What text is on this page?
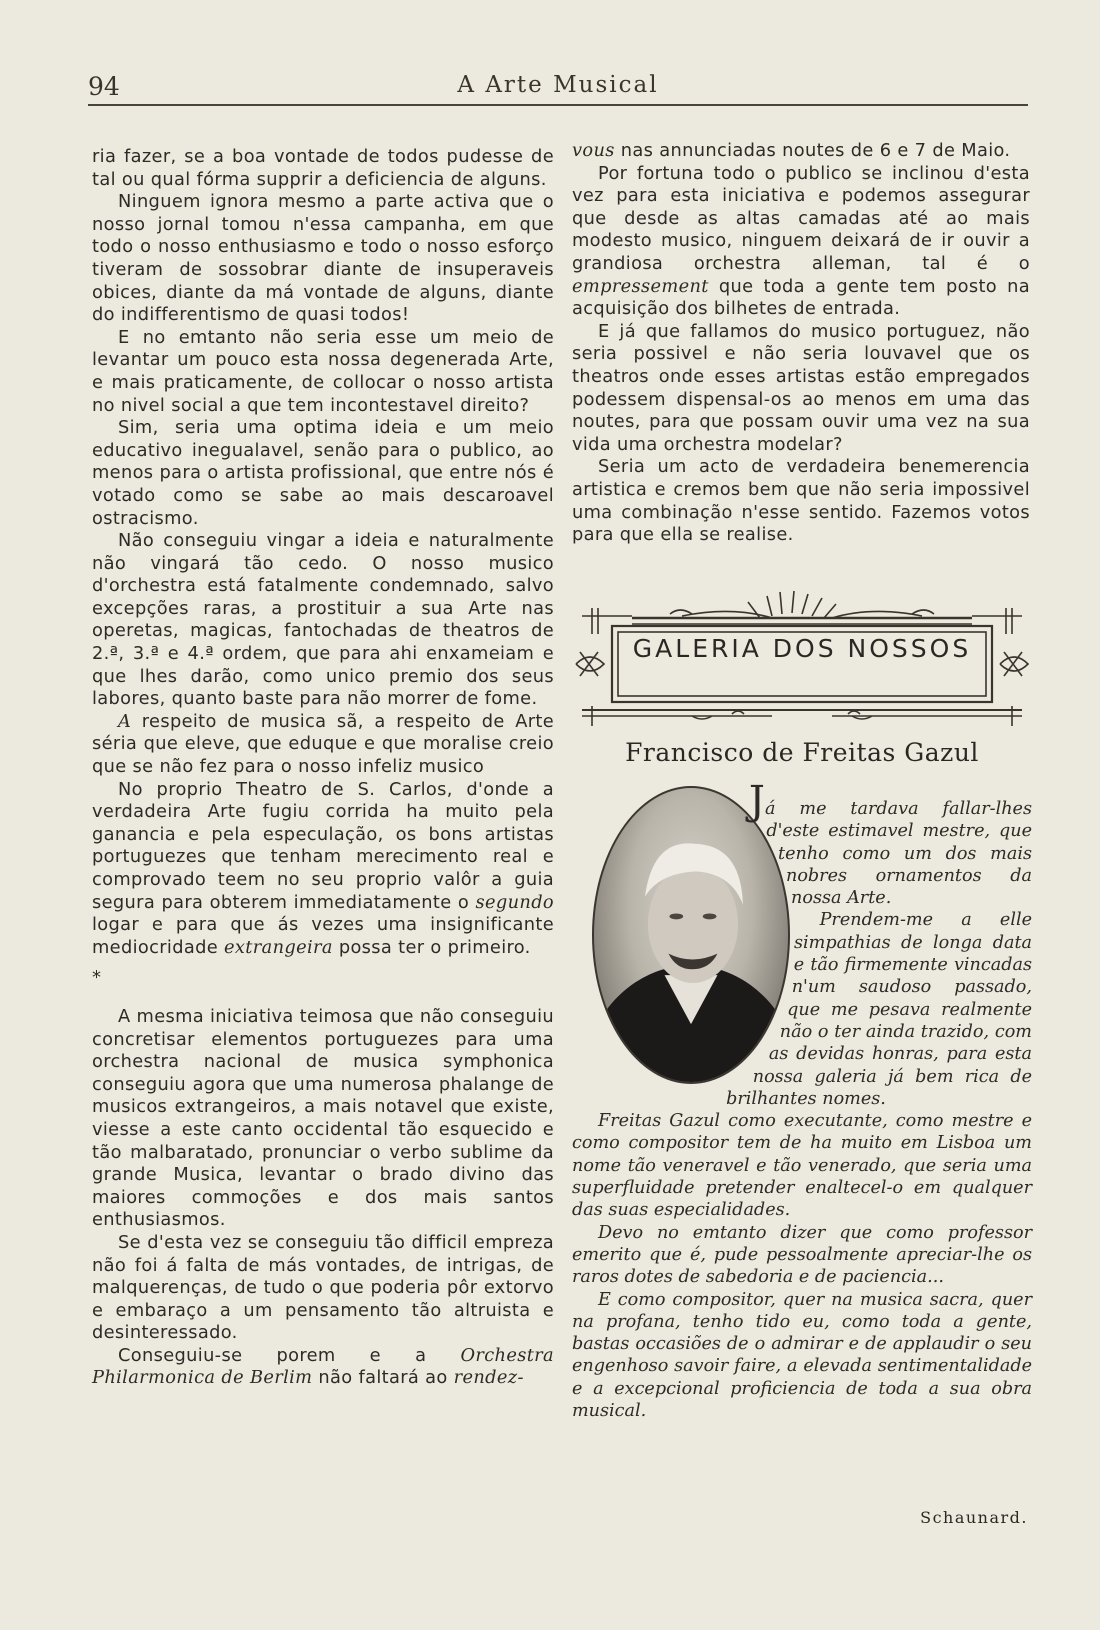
94	A Arte Musical

ria fazer, se a boa vontade de todos pudesse de tal ou qual fórma supprir a deficiencia de alguns.

Ninguem ignora mesmo a parte activa que o nosso jornal tomou n'essa campanha, em que todo o nosso enthusiasmo e todo o nosso esforço tiveram de sossobrar diante de insuperaveis obices, diante da má vontade de alguns, diante do indifferentismo de quasi todos!

E no emtanto não seria esse um meio de levantar um pouco esta nossa degenerada Arte, e mais praticamente, de collocar o nosso artista no nivel social a que tem incontestavel direito?

Sim, seria uma optima ideia e um meio educativo inegualavel, senão para o publico, ao menos para o artista profissional, que entre nós é votado como se sabe ao mais descaroavel ostracismo.

Não conseguiu vingar a ideia e naturalmente não vingará tão cedo. O nosso musico d'orchestra está fatalmente condemnado, salvo excepções raras, a prostituir a sua Arte nas operetas, magicas, fantochadas de theatros de 2.ª, 3.ª e 4.ª ordem, que para ahi enxameiam e que lhes darão, como unico premio dos seus labores, quanto baste para não morrer de fome.

A respeito de musica sã, a respeito de Arte séria que eleve, que eduque e que moralise creio que se não fez para o nosso infeliz musico

No proprio Theatro de S. Carlos, d'onde a verdadeira Arte fugiu corrida ha muito pela ganancia e pela especulação, os bons artistas portuguezes que tenham merecimento real e comprovado teem no seu proprio valôr a guia segura para obterem immediatamente o segundo logar e para que ás vezes uma insignificante mediocridade extrangeira possa ter o primeiro.

*

A mesma iniciativa teimosa que não conseguiu concretisar elementos portuguezes para uma orchestra nacional de musica symphonica conseguiu agora que uma numerosa phalange de musicos extrangeiros, a mais notavel que existe, viesse a este canto occidental tão esquecido e tão malbaratado, pronunciar o verbo sublime da grande Musica, levantar o brado divino das maiores commoções e dos mais santos enthusiasmos.

Se d'esta vez se conseguiu tão difficil empreza não foi á falta de más vontades, de intrigas, de malquerenças, de tudo o que poderia pôr extorvo e embaraço a um pensamento tão altruista e desinteressado.

Conseguiu-se porem e a Orchestra Philarmonica de Berlim não faltará ao rendez-

vous nas annunciadas noutes de 6 e 7 de Maio.

Por fortuna todo o publico se inclinou d'esta vez para esta iniciativa e podemos assegurar que desde as altas camadas até ao mais modesto musico, ninguem deixará de ir ouvir a grandiosa orchestra alleman, tal é o empressement que toda a gente tem posto na acquisição dos bilhetes de entrada.

E já que fallamos do musico portuguez, não seria possivel e não seria louvavel que os theatros onde esses artistas estão empregados podessem dispensal-os ao menos em uma das noutes, para que possam ouvir uma vez na sua vida uma orchestra modelar?

Seria um acto de verdadeira benemerencia artistica e cremos bem que não seria impossivel uma combinação n'esse sentido. Fazemos votos para que ella se realise.

GALERIA DOS NOSSOS
Francisco de Freitas Gazul

Já me tardava fallar-lhes d'este estimavel mestre, que tenho como um dos mais nobres ornamentos da nossa Arte.

Prendem-me a elle simpathias de longa data e tão firmemente vincadas n'um saudoso passado, que me pesava realmente não o ter ainda trazido, com as devidas honras, para esta nossa galeria já bem rica de brilhantes nomes.

Freitas Gazul como executante, como mestre e como compositor tem de ha muito em Lisboa um nome tão veneravel e tão venerado, que seria uma superfluidade pretender enaltecel-o em qualquer das suas especialidades.

Devo no emtanto dizer que como professor emerito que é, pude pessoalmente apreciar-lhe os raros dotes de sabedoria e de paciencia...

E como compositor, quer na musica sacra, quer na profana, tenho tido eu, como toda a gente, bastas occasiões de o admirar e de applaudir o seu engenhoso savoir faire, a elevada sentimentalidade e a excepcional proficiencia de toda a sua obra musical.

Schaunard.
